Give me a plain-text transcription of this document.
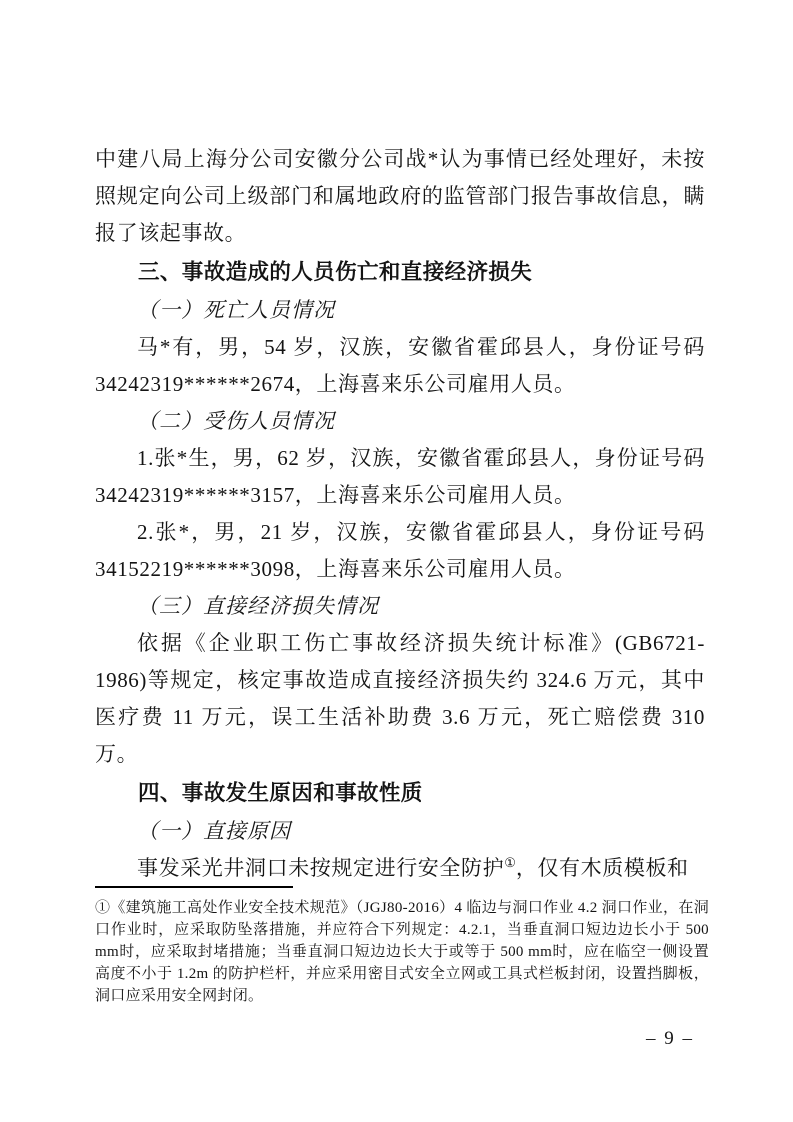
中建八局上海分公司安徽分公司战*认为事情已经处理好，未按照规定向公司上级部门和属地政府的监管部门报告事故信息，瞒报了该起事故。

三、事故造成的人员伤亡和直接经济损失
（一）死亡人员情况

马*有，男，54 岁，汉族，安徽省霍邱县人，身份证号码34242319******2674，上海喜来乐公司雇用人员。

（二）受伤人员情况

1.张*生，男，62 岁，汉族，安徽省霍邱县人，身份证号码34242319******3157，上海喜来乐公司雇用人员。

2.张*，男，21 岁，汉族，安徽省霍邱县人，身份证号码34152219******3098，上海喜来乐公司雇用人员。

（三）直接经济损失情况

依据《企业职工伤亡事故经济损失统计标准》(GB6721-1986)等规定，核定事故造成直接经济损失约 324.6 万元，其中医疗费 11 万元，误工生活补助费 3.6 万元，死亡赔偿费 310 万。

四、事故发生原因和事故性质
（一）直接原因

事发采光井洞口未按规定进行安全防护①，仅有木质模板和

①《建筑施工高处作业安全技术规范》（JGJ80-2016）4 临边与洞口作业 4.2 洞口作业，在洞口作业时，应采取防坠落措施，并应符合下列规定：4.2.1，当垂直洞口短边边长小于 500 mm时，应采取封堵措施；当垂直洞口短边边长大于或等于 500 mm时，应在临空一侧设置高度不小于 1.2m 的防护栏杆，并应采用密目式安全立网或工具式栏板封闭，设置挡脚板，洞口应采用安全网封闭。
– 9 –
